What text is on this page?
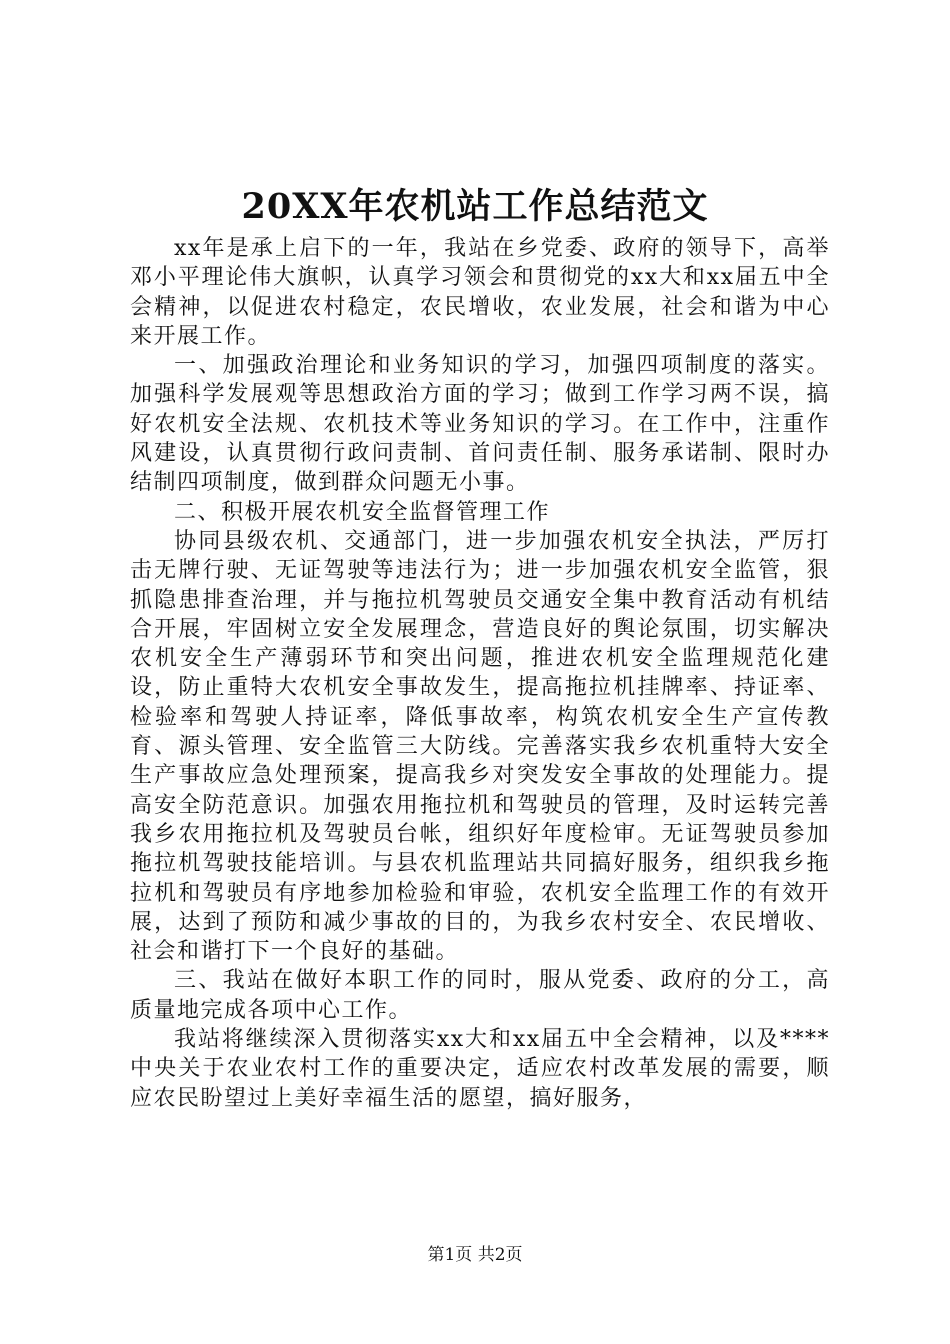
20XX年农机站工作总结范文

xx年是承上启下的一年，我站在乡党委、政府的领导下，高举邓小平理论伟大旗帜，认真学习领会和贯彻党的xx大和xx届五中全会精神，以促进农村稳定，农民增收，农业发展，社会和谐为中心来开展工作。

一、加强政治理论和业务知识的学习，加强四项制度的落实。加强科学发展观等思想政治方面的学习；做到工作学习两不误，搞好农机安全法规、农机技术等业务知识的学习。在工作中，注重作风建设，认真贯彻行政问责制、首问责任制、服务承诺制、限时办结制四项制度，做到群众问题无小事。

二、积极开展农机安全监督管理工作

协同县级农机、交通部门，进一步加强农机安全执法，严厉打击无牌行驶、无证驾驶等违法行为；进一步加强农机安全监管，狠抓隐患排查治理，并与拖拉机驾驶员交通安全集中教育活动有机结合开展，牢固树立安全发展理念，营造良好的舆论氛围，切实解决农机安全生产薄弱环节和突出问题，推进农机安全监理规范化建设，防止重特大农机安全事故发生，提高拖拉机挂牌率、持证率、检验率和驾驶人持证率，降低事故率，构筑农机安全生产宣传教育、源头管理、安全监管三大防线。完善落实我乡农机重特大安全生产事故应急处理预案，提高我乡对突发安全事故的处理能力。提高安全防范意识。加强农用拖拉机和驾驶员的管理，及时运转完善我乡农用拖拉机及驾驶员台帐，组织好年度检审。无证驾驶员参加拖拉机驾驶技能培训。与县农机监理站共同搞好服务，组织我乡拖拉机和驾驶员有序地参加检验和审验，农机安全监理工作的有效开展，达到了预防和减少事故的目的，为我乡农村安全、农民增收、社会和谐打下一个良好的基础。

三、我站在做好本职工作的同时，服从党委、政府的分工，高质量地完成各项中心工作。

我站将继续深入贯彻落实xx大和xx届五中全会精神，以及****中央关于农业农村工作的重要决定，适应农村改革发展的需要，顺应农民盼望过上美好幸福生活的愿望，搞好服务，

第1页 共2页
